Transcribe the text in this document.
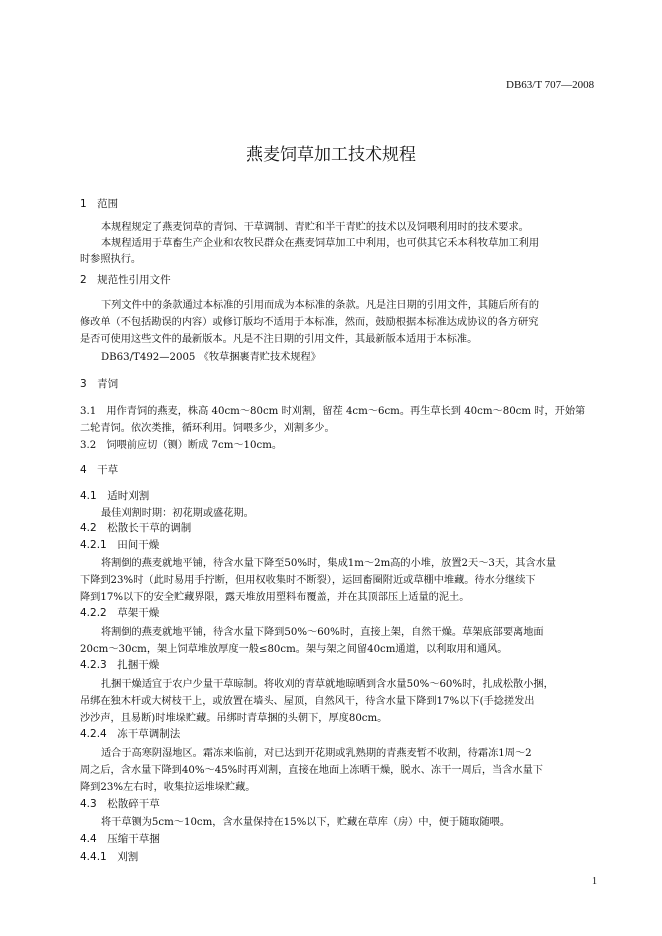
DB63/T 707—2008
燕麦饲草加工技术规程
1　范围
本规程规定了燕麦饲草的青饲、干草调制、青贮和半干青贮的技术以及饲喂利用时的技术要求。
本规程适用于草畜生产企业和农牧民群众在燕麦饲草加工中利用，也可供其它禾本科牧草加工利用
时参照执行。
2　规范性引用文件
下列文件中的条款通过本标准的引用而成为本标准的条款。凡是注日期的引用文件，其随后所有的
修改单（不包括勘误的内容）或修订版均不适用于本标准，然而，鼓励根据本标准达成协议的各方研究
是否可使用这些文件的最新版本。凡是不注日期的引用文件，其最新版本适用于本标准。
DB63/T492—2005 《牧草捆裹青贮技术规程》
3　青饲
3.1　用作青饲的燕麦，株高 40cm～80cm 时刈割，留茬 4cm～6cm。再生草长到 40cm～80cm 时，开始第
二轮青饲。依次类推，循环利用。饲喂多少，刈割多少。
3.2　饲喂前应切（铡）断成 7cm～10cm。
4　干草
4.1　适时刈割
最佳刈割时期：初花期或盛花期。
4.2　松散长干草的调制
4.2.1　田间干燥
将割倒的燕麦就地平铺，待含水量下降至50%时，集成1m～2m高的小堆，放置2天～3天，其含水量
下降到23%时（此时易用手拧断，但用权收集时不断裂），运回畜圈附近或草棚中堆藏。待水分继续下
降到17%以下的安全贮藏界限，露天堆放用塑料布覆盖，并在其顶部压上适量的泥土。
4.2.2　草架干燥
将割倒的燕麦就地平铺，待含水量下降到50%～60%时，直接上架，自然干燥。草架底部要离地面
20cm～30cm，架上饲草堆放厚度一般≤80cm。架与架之间留40cm通道，以利取用和通风。
4.2.3　扎捆干燥
扎捆干燥适宜于农户少量干草晾制。将收刈的青草就地晾晒到含水量50%～60%时，扎成松散小捆，
吊绑在独木杆或大树枝干上，或放置在墙头、屋顶，自然风干，待含水量下降到17%以下(手捻搓发出
沙沙声，且易断)时堆垛贮藏。吊绑时青草捆的头朝下，厚度80cm。
4.2.4　冻干草调制法
适合于高寒阴湿地区。霜冻来临前，对已达到开花期或乳熟期的青燕麦暂不收割，待霜冻1周～2
周之后，含水量下降到40%～45%时再刈割，直接在地面上冻晒干燥，脱水、冻干一周后，当含水量下
降到23%左右时，收集拉运堆垛贮藏。
4.3　松散碎干草
将干草铡为5cm～10cm，含水量保持在15%以下，贮藏在草库（房）中，便于随取随喂。
4.4　压缩干草捆
4.4.1　刈割
1
